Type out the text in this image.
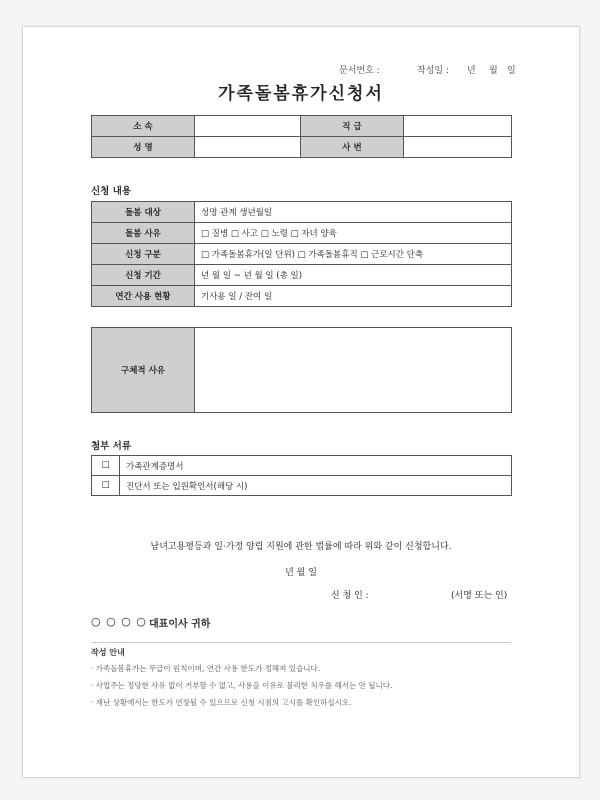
문서번호 :	작성일 : 년 월 일
가족돌봄휴가신청서
소 속		직 급	
성 명		사 번	
신청 내용
돌봄 대상	성명 관계 생년월일
돌봄 사유	□ 질병 □ 사고 □ 노령 □ 자녀 양육
신청 구분	□ 가족돌봄휴가(일 단위) □ 가족돌봄휴직 □ 근로시간 단축
신청 기간	년 월 일 ~ 년 월 일 (총 일)
연간 사용 현황	기사용 일 / 잔여 일
구체적 사유	
첨부 서류
☐	가족관계증명서
☐	진단서 또는 입원확인서(해당 시)
남녀고용평등과 일·가정 양립 지원에 관한 법률에 따라 위와 같이 신청합니다.
년 월 일
신 청 인 :	(서명 또는 인)
○ ○ ○ ○ 대표이사 귀하
작성 안내
· 가족돌봄휴가는 무급이 원칙이며, 연간 사용 한도가 정해져 있습니다.
· 사업주는 정당한 사유 없이 거부할 수 없고, 사용을 이유로 불리한 처우를 해서는 안 됩니다.
· 재난 상황에서는 한도가 연장될 수 있으므로 신청 시점의 고시를 확인하십시오.
